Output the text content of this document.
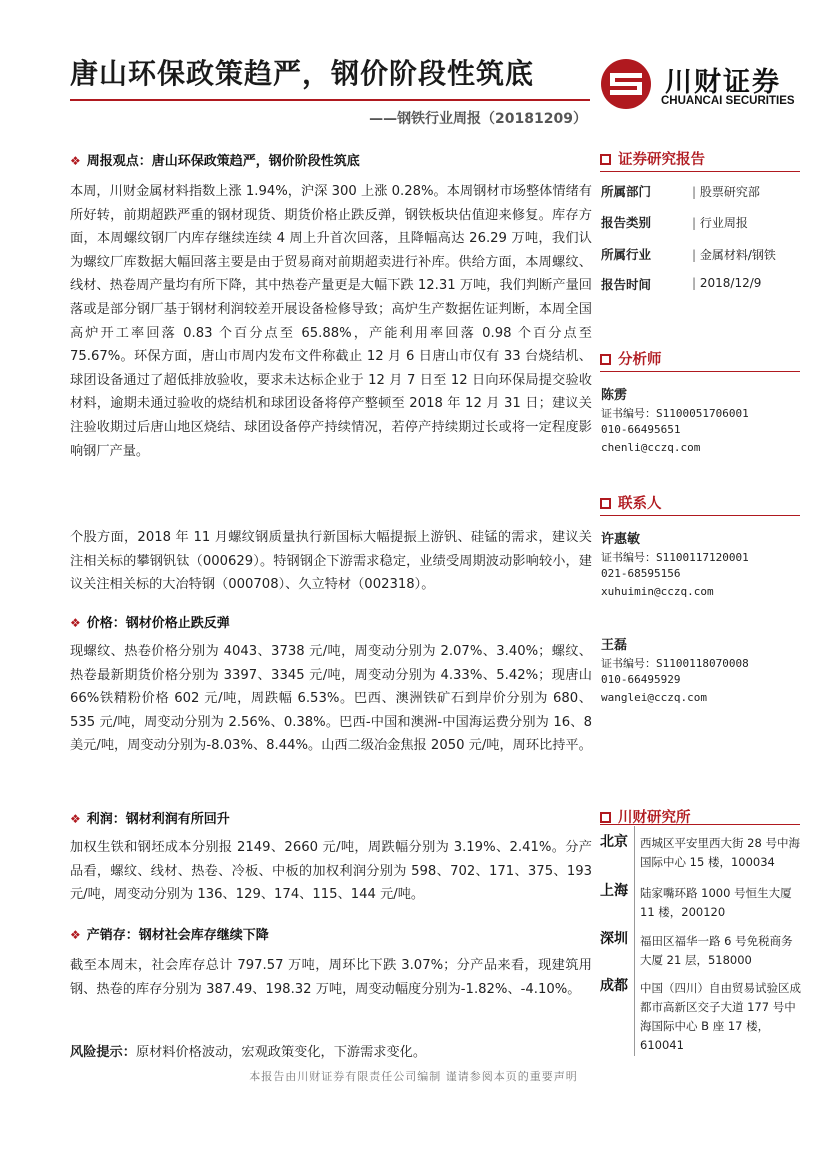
唐山环保政策趋严，钢价阶段性筑底
——钢铁行业周报（20181209）
川财证券
CHUANCAI SECURITIES
❖ 周报观点：唐山环保政策趋严，钢价阶段性筑底

本周，川财金属材料指数上涨 1.94%，沪深 300 上涨 0.28%。本周钢材市场整体情绪有所好转，前期超跌严重的钢材现货、期货价格止跌反弹，钢铁板块估值迎来修复。库存方面，本周螺纹钢厂内库存继续连续 4 周上升首次回落，且降幅高达 26.29 万吨，我们认为螺纹厂库数据大幅回落主要是由于贸易商对前期超卖进行补库。供给方面，本周螺纹、线材、热卷周产量均有所下降，其中热卷产量更是大幅下跌 12.31 万吨，我们判断产量回落或是部分钢厂基于钢材利润较差开展设备检修导致；高炉生产数据佐证判断，本周全国高炉开工率回落 0.83 个百分点至 65.88%，产能利用率回落 0.98 个百分点至 75.67%。环保方面，唐山市周内发布文件称截止 12 月 6 日唐山市仅有 33 台烧结机、球团设备通过了超低排放验收，要求未达标企业于 12 月 7 日至 12 日向环保局提交验收材料，逾期未通过验收的烧结机和球团设备将停产整顿至 2018 年 12 月 31 日；建议关注验收期过后唐山地区烧结、球团设备停产持续情况，若停产持续期过长或将一定程度影响钢厂产量。

个股方面，2018 年 11 月螺纹钢质量执行新国标大幅提振上游钒、硅锰的需求，建议关注相关标的攀钢钒钛（000629）。特钢钢企下游需求稳定，业绩受周期波动影响较小，建议关注相关标的大冶特钢（000708）、久立特材（002318）。

❖ 价格：钢材价格止跌反弹

现螺纹、热卷价格分别为 4043、3738 元/吨，周变动分别为 2.07%、3.40%；螺纹、热卷最新期货价格分别为 3397、3345 元/吨，周变动分别为 4.33%、5.42%；现唐山 66%铁精粉价格 602 元/吨，周跌幅 6.53%。巴西、澳洲铁矿石到岸价分别为 680、535 元/吨，周变动分别为 2.56%、0.38%。巴西-中国和澳洲-中国海运费分别为 16、8 美元/吨，周变动分别为-8.03%、8.44%。山西二级冶金焦报 2050 元/吨，周环比持平。

❖ 利润：钢材利润有所回升

加权生铁和钢坯成本分别报 2149、2660 元/吨，周跌幅分别为 3.19%、2.41%。分产品看，螺纹、线材、热卷、冷板、中板的加权利润分别为 598、702、171、375、193 元/吨，周变动分别为 136、129、174、115、144 元/吨。

❖ 产销存：钢材社会库存继续下降

截至本周末，社会库存总计 797.57 万吨，周环比下跌 3.07%；分产品来看，现建筑用钢、热卷的库存分别为 387.49、198.32 万吨，周变动幅度分别为-1.82%、-4.10%。

风险提示：原材料价格波动，宏观政策变化，下游需求变化。
证券研究报告
所属部门	| 股票研究部
报告类别	| 行业周报
所属行业	| 金属材料/钢铁
报告时间	| 2018/12/9
分析师
陈雳
证书编号：S1100051706001
010-66495651
chenli@cczq.com
联系人
许惠敏
证书编号：S1100117120001
021-68595156
xuhuimin@cczq.com
王磊
证书编号：S1100118070008
010-66495929
wanglei@cczq.com
川财研究所
北京 西城区平安里西大街 28 号中海国际中心 15 楼，100034

上海 陆家嘴环路 1000 号恒生大厦 11 楼，200120

深圳 福田区福华一路 6 号免税商务大厦 21 层，518000

成都 中国（四川）自由贸易试验区成都市高新区交子大道 177 号中海国际中心 B 座 17 楼，610041

本报告由川财证券有限责任公司编制 谨请参阅本页的重要声明
